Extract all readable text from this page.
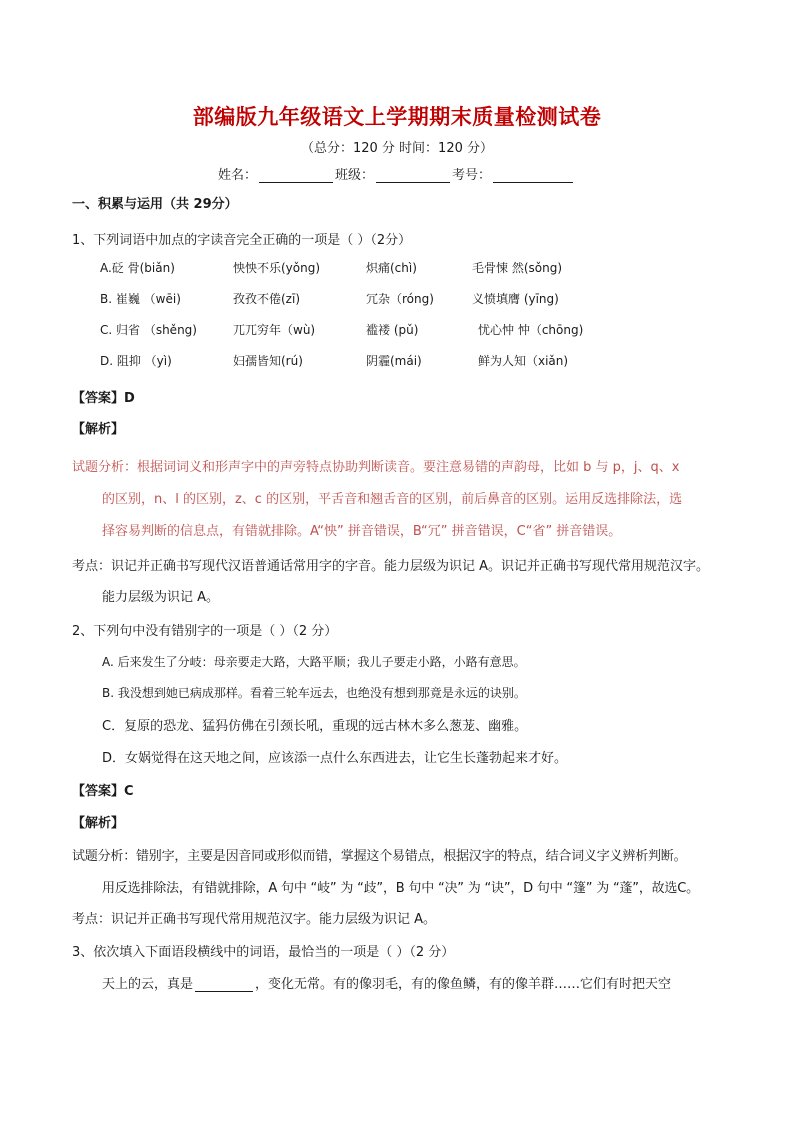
部编版九年级语文上学期期末质量检测试卷
（总分：120 分 时间：120 分）
姓名：	班级：	考号：
一、积累与运用（共 29分）
1、下列词语中加点的字读音完全正确的一项是（ ）（2分）
A.砭 骨(biǎn)	怏怏不乐(yǒng)	炽痛(chì)	毛骨悚 然(sǒng)
B. 崔巍 （wēi)	孜孜不倦(zī)	冗杂（róng)	义愤填膺 (yīng)
C. 归省 （shěng)	兀兀穷年（wù)	褴褛 (pǔ)	忧心忡 忡（chōng)
D. 阻抑 （yì)	妇孺皆知(rú)	阴霾(mái)	鲜为人知（xiǎn)
【答案】D
【解析】
试题分析：根据词词义和形声字中的声旁特点协助判断读音。要注意易错的声韵母，比如 b 与 p，j、q、x
的区别，n、l 的区别，z、c 的区别，平舌音和翘舌音的区别，前后鼻音的区别。运用反选排除法，选
择容易判断的信息点，有错就排除。A“怏” 拼音错误，B“冗” 拼音错误，C“省” 拼音错误。
考点：识记并正确书写现代汉语普通话常用字的字音。能力层级为识记 A。识记并正确书写现代常用规范汉字。
能力层级为识记 A。
2、下列句中没有错别字的一项是（ ）（2 分）
A. 后来发生了分岐：母亲要走大路，大路平顺；我儿子要走小路，小路有意思。
B. 我没想到她已病成那样。看着三轮车远去，也绝没有想到那竟是永远的诀别。
C．复原的恐龙、猛犸仿佛在引颈长吼，重现的远古林木多么葱茏、幽雅。
D．女娲觉得在这天地之间，应该添一点什么东西进去，让它生长蓬勃起来才好。
【答案】C
【解析】
试题分析：错别字，主要是因音同或形似而错，掌握这个易错点，根据汉字的特点，结合词义字义辨析判断。
用反选排除法，有错就排除，A 句中 “岐” 为 “歧”，B 句中 “决” 为 “诀”，D 句中 “篷” 为 “蓬”，故选C。
考点：识记并正确书写现代常用规范汉字。能力层级为识记 A。
3、依次填入下面语段横线中的词语，最恰当的一项是（ ）（2 分）
天上的云，真是	，变化无常。有的像羽毛，有的像鱼鳞，有的像羊群……它们有时把天空
